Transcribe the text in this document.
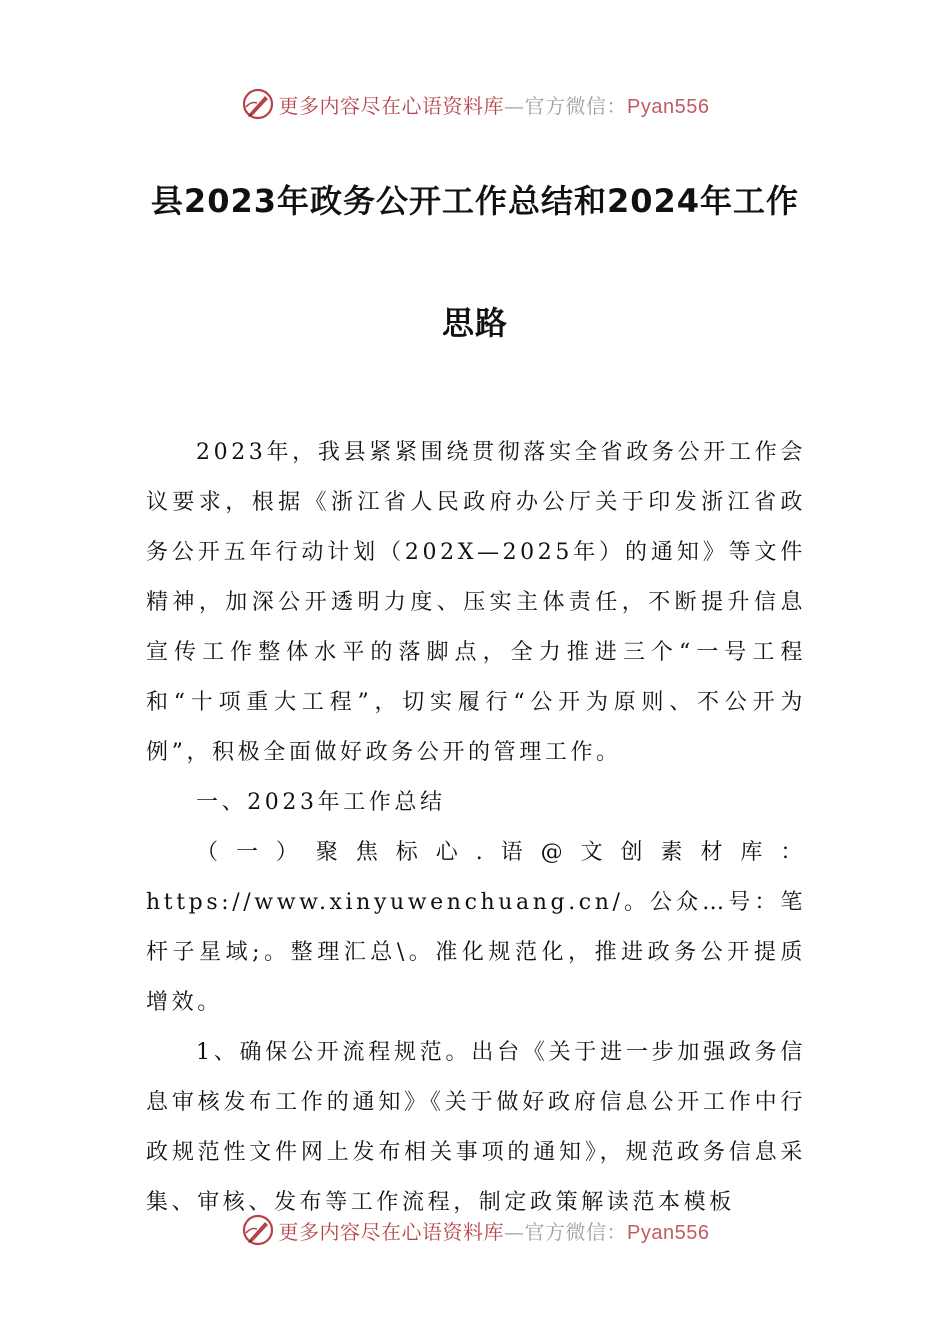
更多内容尽在心语资料库—官方微信：Pyan556
县2023年政务公开工作总结和2024年工作
思路

2023年，我县紧紧围绕贯彻落实全省政务公开工作会议要求，根据《浙江省人民政府办公厅关于印发浙江省政务公开五年行动计划（202X—2025年）的通知》等文件精神，加深公开透明力度、压实主体责任，不断提升信息宣传工作整体水平的落脚点，全力推进三个“一号工程和“十项重大工程”，切实履行“公开为原则、不公开为例”，积极全面做好政务公开的管理工作。

一、2023年工作总结

（一）聚焦标心.语@文创素材库：https://www.xinyuwenchuang.cn/。公众…号：笔杆子星域;。整理汇总\。准化规范化，推进政务公开提质增效。

1、确保公开流程规范。出台《关于进一步加强政务信息审核发布工作的通知》《关于做好政府信息公开工作中行政规范性文件网上发布相关事项的通知》，规范政务信息采集、审核、发布等工作流程，制定政策解读范本模板

更多内容尽在心语资料库—官方微信：Pyan556
